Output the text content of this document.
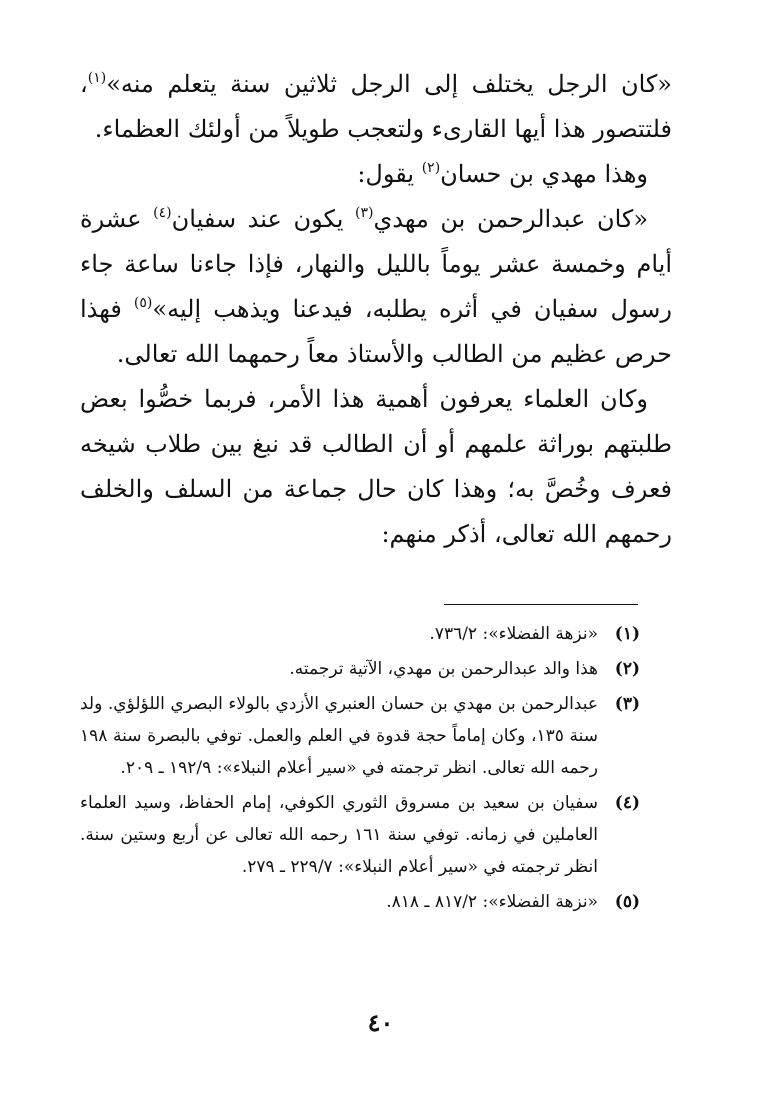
«كان الرجل يختلف إلى الرجل ثلاثين سنة يتعلم منه»$^{(١)}$، فلتتصور هذا أيها القارىء ولتعجب طويلاً من أولئك العظماء.

وهذا مهدي بن حسان$^{(٢)}$ يقول:

«كان عبدالرحمن بن مهدي$^{(٣)}$ يكون عند سفيان$^{(٤)}$ عشرة أيام وخمسة عشر يوماً بالليل والنهار، فإذا جاءنا ساعة جاء رسول سفيان في أثره يطلبه، فيدعنا ويذهب إليه»$^{(٥)}$ فهذا حرص عظيم من الطالب والأستاذ معاً رحمهما الله تعالى.

وكان العلماء يعرفون أهمية هذا الأمر، فربما خصُّوا بعض طلبتهم بوراثة علمهم أو أن الطالب قد نبغ بين طلاب شيخه فعرف وخُصَّ به؛ وهذا كان حال جماعة من السلف والخلف رحمهم الله تعالى، أذكر منهم:

(١)
«نزهة الفضلاء»: ٧٣٦/٢.
(٢)
هذا والد عبدالرحمن بن مهدي، الآتية ترجمته.
(٣)
عبدالرحمن بن مهدي بن حسان العنبري الأزدي بالولاء البصري اللؤلؤي. ولد سنة ١٣٥، وكان إماماً حجة قدوة في العلم والعمل. توفي بالبصرة سنة ١٩٨ رحمه الله تعالى. انظر ترجمته في «سير أعلام النبلاء»: ١٩٢/٩ ـ ٢٠٩.
(٤)
سفيان بن سعيد بن مسروق الثوري الكوفي، إمام الحفاظ، وسيد العلماء العاملين في زمانه. توفي سنة ١٦١ رحمه الله تعالى عن أربع وستين سنة. انظر ترجمته في «سير أعلام النبلاء»: ٢٢٩/٧ ـ ٢٧٩.
(٥)
«نزهة الفضلاء»: ٨١٧/٢ ـ ٨١٨.
٤٠
